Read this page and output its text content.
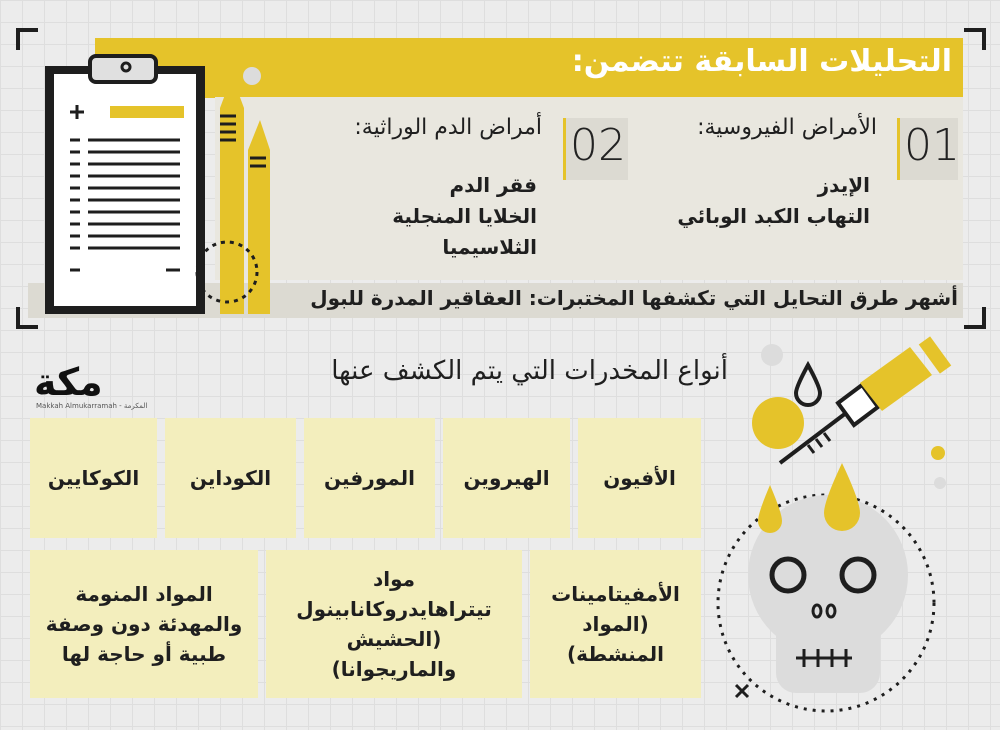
التحليلات السابقة تتضمن:
01
الأمراض الفيروسية:
الإيدز
التهاب الكبد الوبائي
02
أمراض الدم الوراثية:
فقر الدم
الخلايا المنجلية
الثلاسيميا
أشهر طرق التحايل التي تكشفها المختبرات: العقاقير المدرة للبول
مكة
Makkah Almukarramah - المكرمة
أنواع المخدرات التي يتم الكشف عنها
الأفيون
الهيروين
المورفين
الكوداين
الكوكايين
الأمفيتامينات
(المواد
المنشطة)
مواد
تيتراهايدروكانابينول
(الحشيش
والماريجوانا)
المواد المنومة
والمهدئة دون وصفة
طبية أو حاجة لها
